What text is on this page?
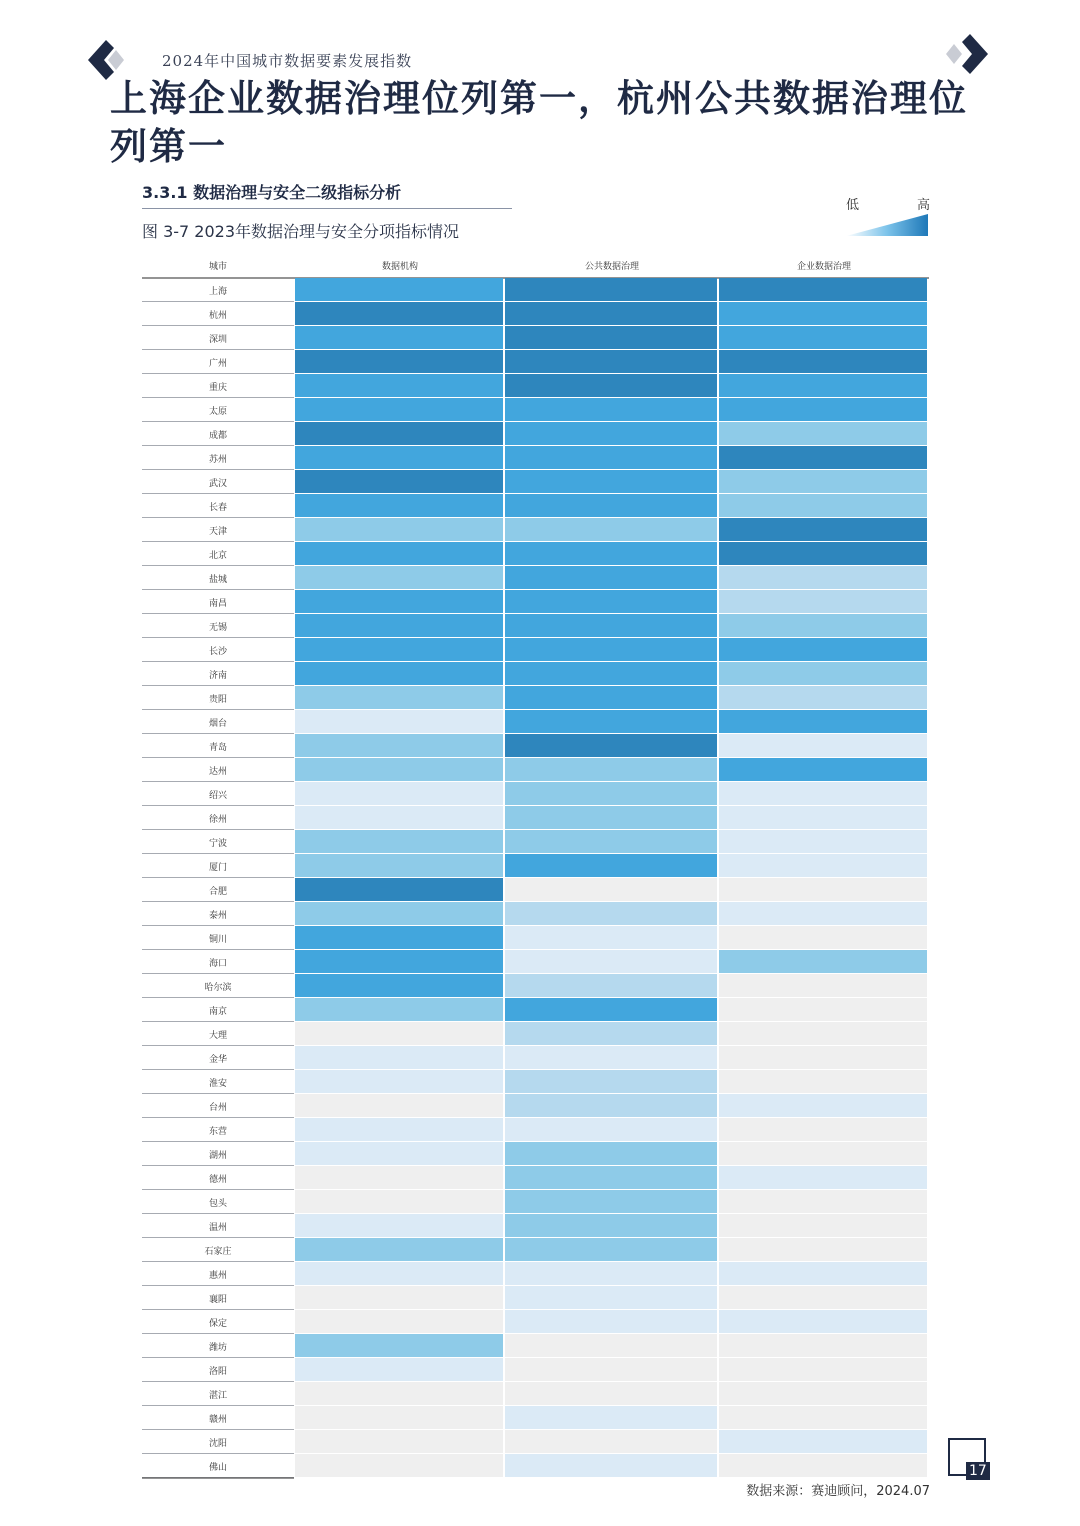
2024年中国城市数据要素发展指数
上海企业数据治理位列第一，杭州公共数据治理位列第一
3.3.1 数据治理与安全二级指标分析
图 3-7 2023年数据治理与安全分项指标情况
低	高
城市	数据机构	公共数据治理	企业数据治理
上海
杭州
深圳
广州
重庆
太原
成都
苏州
武汉
长春
天津
北京
盐城
南昌
无锡
长沙
济南
贵阳
烟台
青岛
达州
绍兴
徐州
宁波
厦门
合肥
泰州
铜川
海口
哈尔滨
南京
大理
金华
淮安
台州
东营
湖州
德州
包头
温州
石家庄
惠州
襄阳
保定
潍坊
洛阳
湛江
赣州
沈阳
佛山
数据来源：赛迪顾问，2024.07
17
